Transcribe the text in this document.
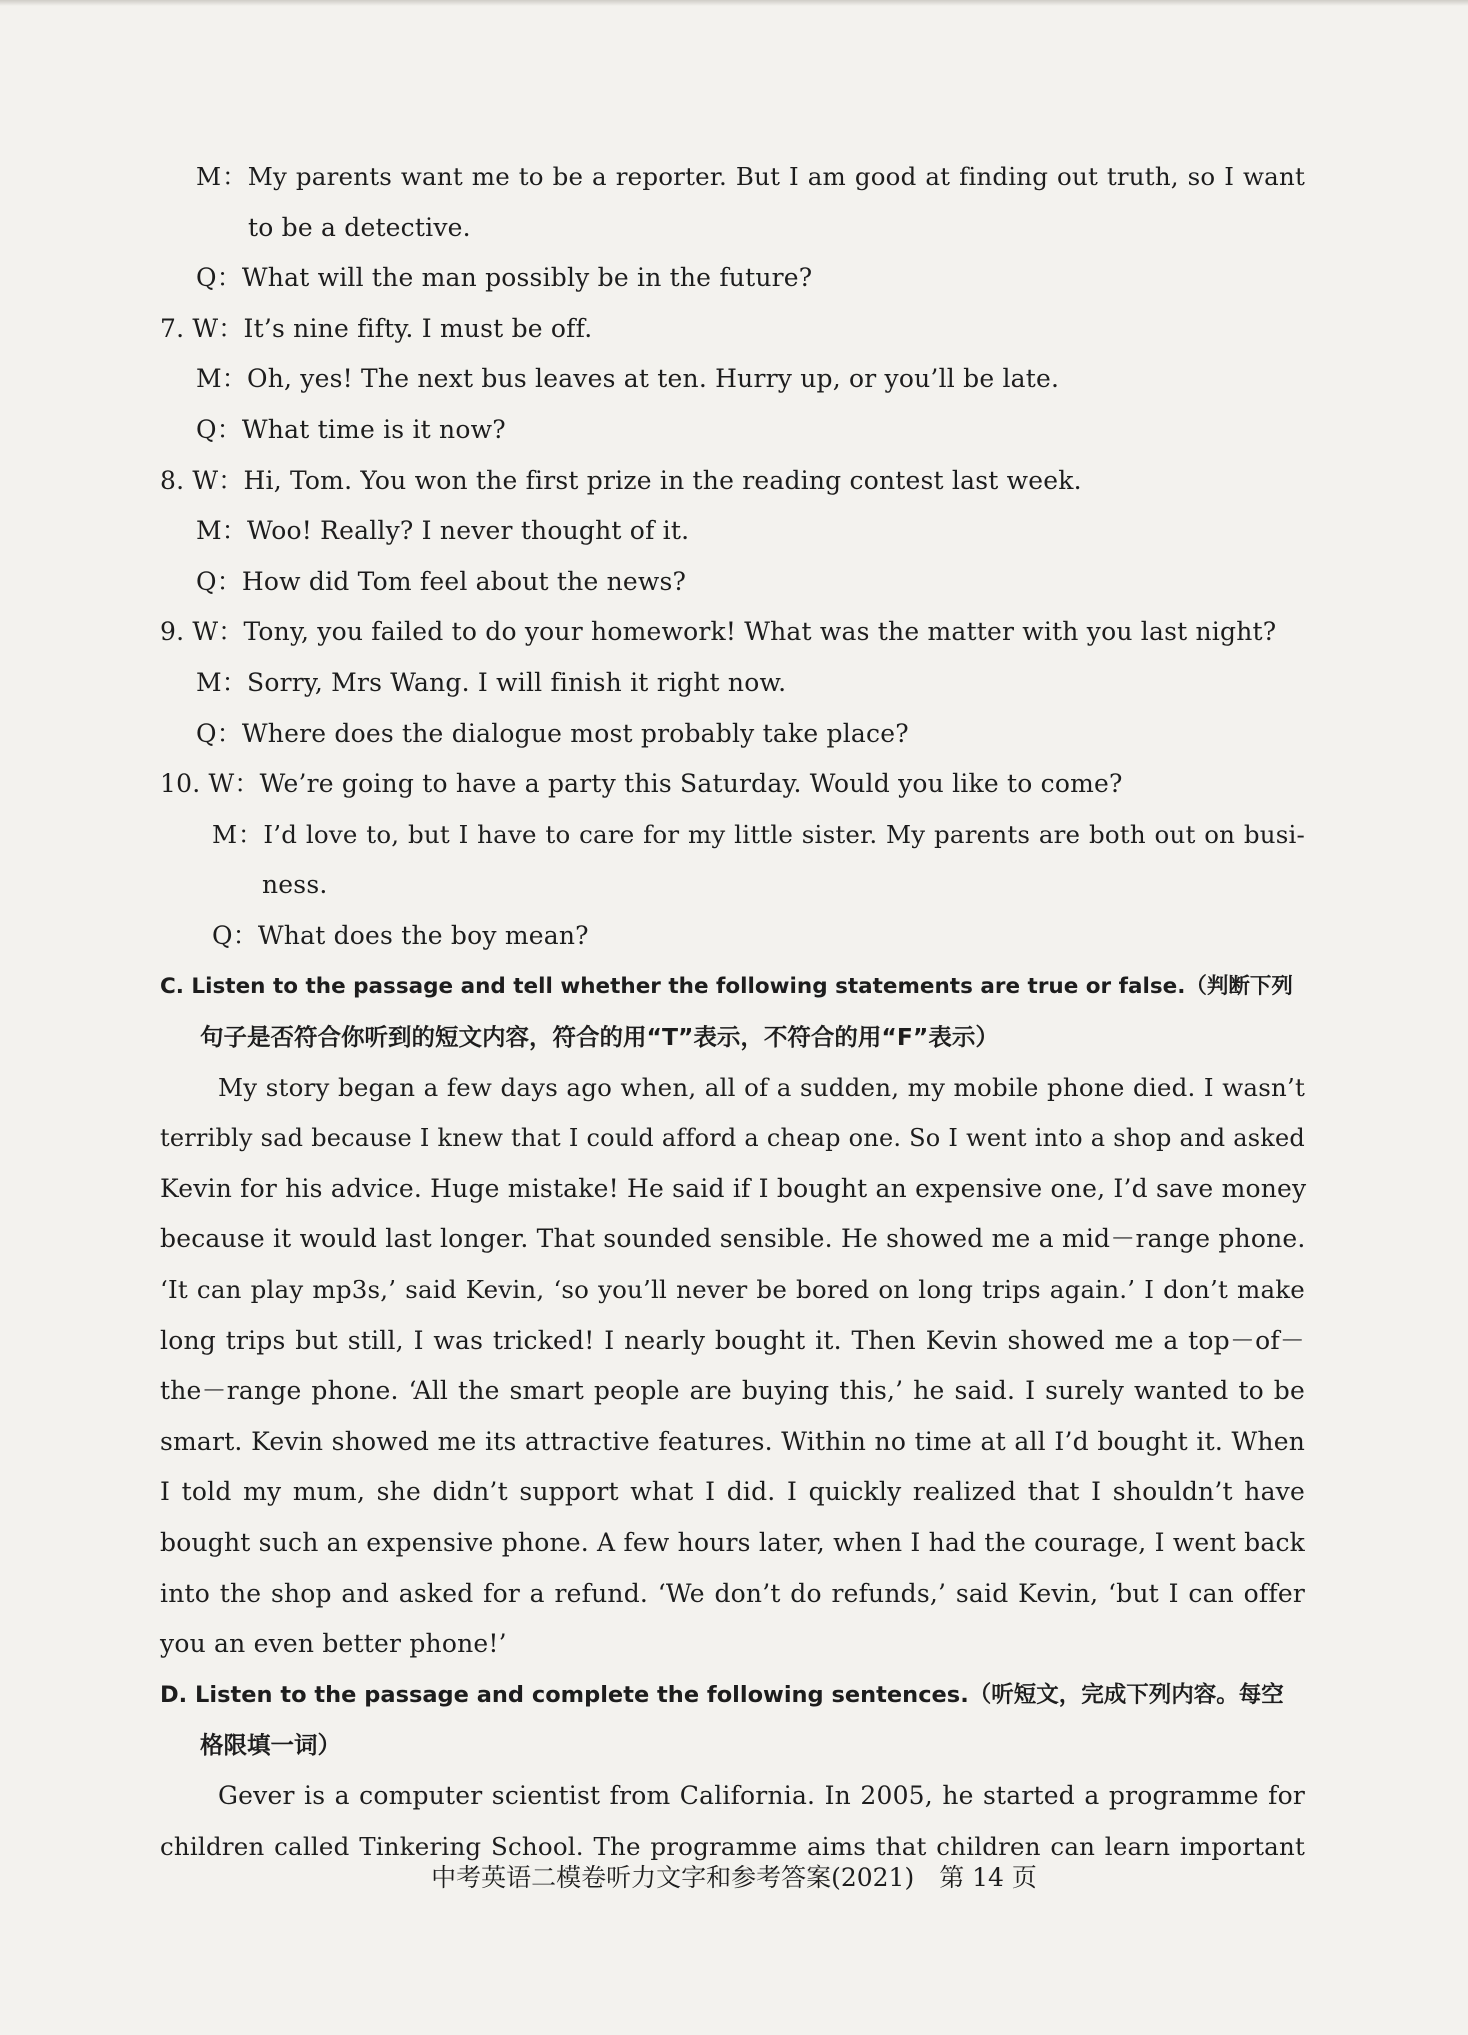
M：My parents want me to be a reporter. But I am good at finding out truth, so I want
to be a detective.
Q：What will the man possibly be in the future?
7. W：It’s nine fifty. I must be off.
M：Oh, yes! The next bus leaves at ten. Hurry up, or you’ll be late.
Q：What time is it now?
8. W：Hi, Tom. You won the first prize in the reading contest last week.
M：Woo! Really? I never thought of it.
Q：How did Tom feel about the news?
9. W：Tony, you failed to do your homework! What was the matter with you last night?
M：Sorry, Mrs Wang. I will finish it right now.
Q：Where does the dialogue most probably take place?
10. W：We’re going to have a party this Saturday. Would you like to come?
M：I’d love to, but I have to care for my little sister. My parents are both out on busi-
ness.
Q：What does the boy mean?
C. Listen to the passage and tell whether the following statements are true or false.（判断下列
句子是否符合你听到的短文内容，符合的用“T”表示，不符合的用“F”表示）
My story began a few days ago when, all of a sudden, my mobile phone died. I wasn’t
terribly sad because I knew that I could afford a cheap one. So I went into a shop and asked
Kevin for his advice. Huge mistake! He said if I bought an expensive one, I’d save money
because it would last longer. That sounded sensible. He showed me a mid－range phone.
‘It can play mp3s,’ said Kevin, ‘so you’ll never be bored on long trips again.’ I don’t make
long trips but still, I was tricked! I nearly bought it. Then Kevin showed me a top－of－
the－range phone. ‘All the smart people are buying this,’ he said. I surely wanted to be
smart. Kevin showed me its attractive features. Within no time at all I’d bought it. When
I told my mum, she didn’t support what I did. I quickly realized that I shouldn’t have
bought such an expensive phone. A few hours later, when I had the courage, I went back
into the shop and asked for a refund. ‘We don’t do refunds,’ said Kevin, ‘but I can offer
you an even better phone!’
D. Listen to the passage and complete the following sentences.（听短文，完成下列内容。每空
格限填一词）
Gever is a computer scientist from California. In 2005, he started a programme for
children called Tinkering School. The programme aims that children can learn important
中考英语二模卷听力文字和参考答案(2021)　第 14 页
